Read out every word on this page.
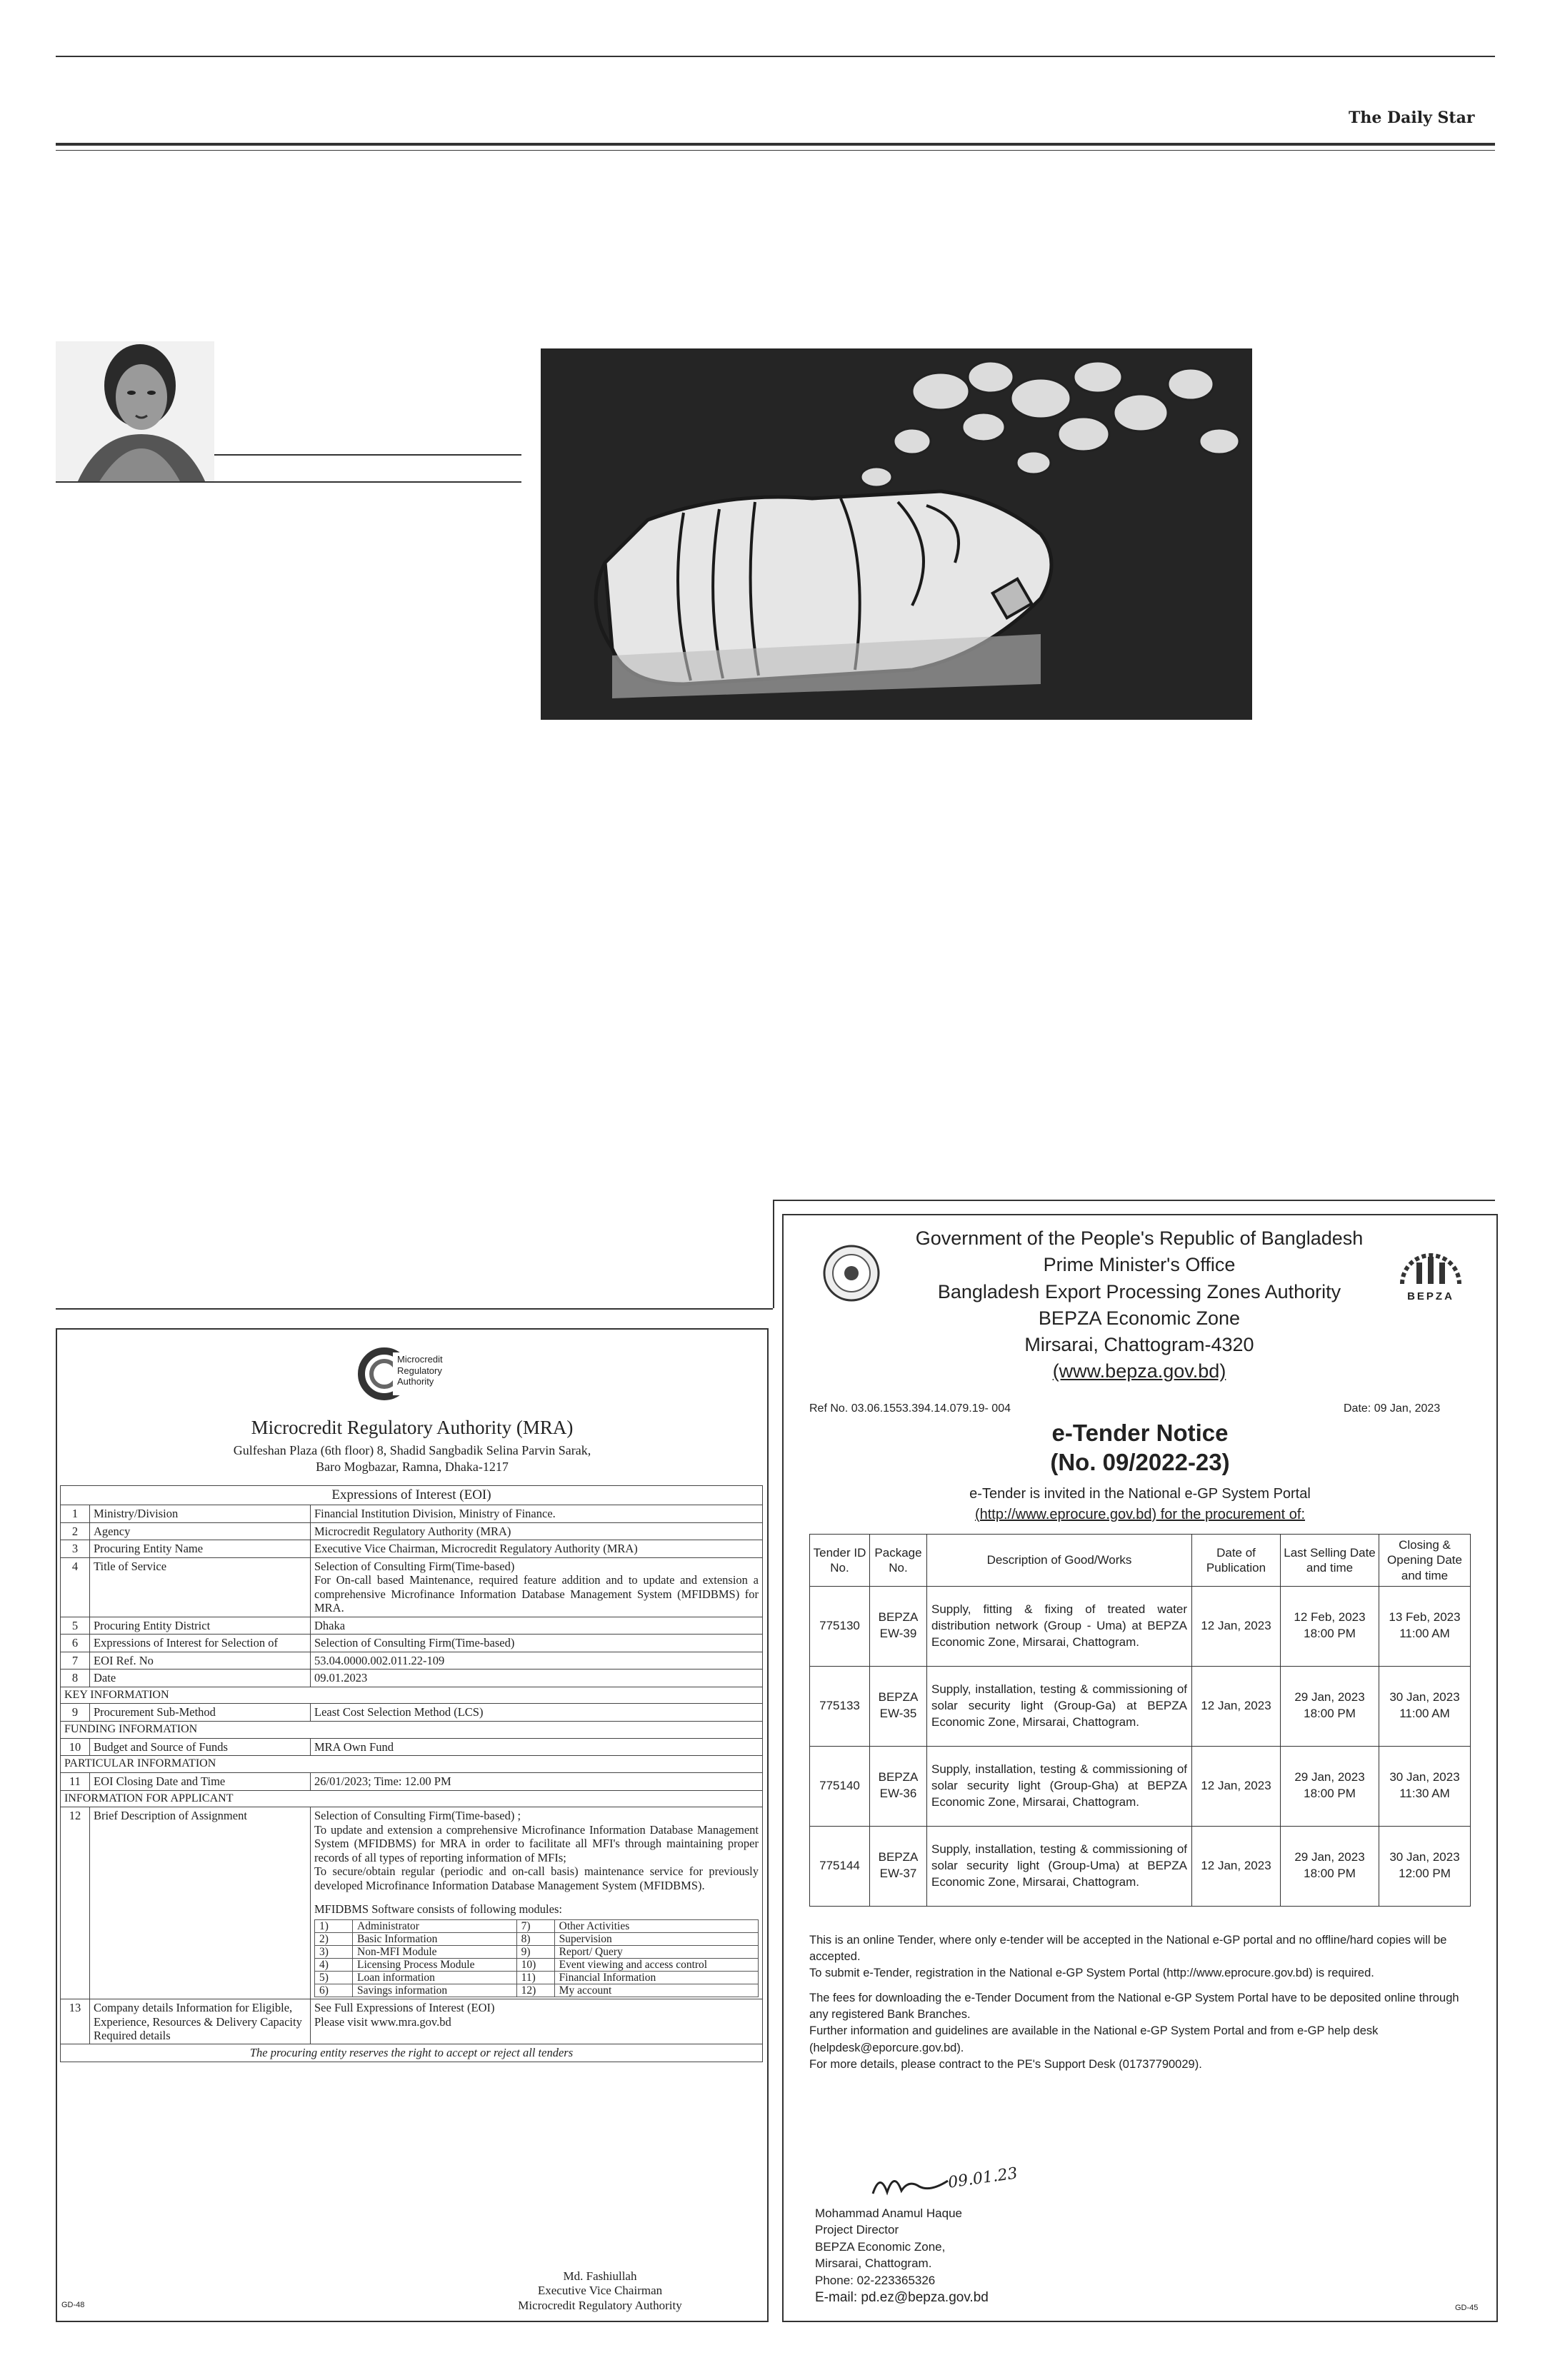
The Daily Star
Microcredit
Regulatory
Authority
Microcredit Regulatory Authority (MRA)
Gulfeshan Plaza (6th floor) 8, Shadid Sangbadik Selina Parvin Sarak,
Baro Mogbazar, Ramna, Dhaka-1217
Expressions of Interest (EOI)
1	Ministry/Division	Financial Institution Division, Ministry of Finance.
2	Agency	Microcredit Regulatory Authority (MRA)
3	Procuring Entity Name	Executive Vice Chairman, Microcredit Regulatory Authority (MRA)
4	Title of Service	Selection of Consulting Firm(Time-based)
For On-call based Maintenance, required feature addition and to update and extension a comprehensive Microfinance Information Database Management System (MFIDBMS) for MRA.
5	Procuring Entity District	Dhaka
6	Expressions of Interest for Selection of	Selection of Consulting Firm(Time-based)
7	EOI Ref. No	53.04.0000.002.011.22-109
8	Date	09.01.2023
KEY INFORMATION
9	Procurement Sub-Method	Least Cost Selection Method (LCS)
FUNDING INFORMATION
10	Budget and Source of Funds	MRA Own Fund
PARTICULAR INFORMATION
11	EOI Closing Date and Time	26/01/2023; Time: 12.00 PM
INFORMATION FOR APPLICANT
12	Brief Description of Assignment	Selection of Consulting Firm(Time-based) ;
To update and extension a comprehensive Microfinance Information Database Management System (MFIDBMS) for MRA in order to facilitate all MFI's through maintaining proper records of all types of reporting information of MFIs;
To secure/obtain regular (periodic and on-call basis) maintenance service for previously developed Microfinance Information Database Management System (MFIDBMS).
MFIDBMS Software consists of following modules:
1)	Administrator	7)	Other Activities
2)	Basic Information	8)	Supervision
3)	Non-MFI Module	9)	Report/ Query
4)	Licensing Process Module	10)	Event viewing and access control
5)	Loan information	11)	Financial Information
6)	Savings information	12)	My account

13	Company details Information for Eligible, Experience, Resources & Delivery Capacity Required details	See Full Expressions of Interest (EOI)
Please visit www.mra.gov.bd
The procuring entity reserves the right to accept or reject all tenders
Md. Fashiullah
Executive Vice Chairman
Microcredit Regulatory Authority
GD-48
BEPZA
Government of the People's Republic of Bangladesh
Prime Minister's Office
Bangladesh Export Processing Zones Authority
BEPZA Economic Zone
Mirsarai, Chattogram-4320
(www.bepza.gov.bd)
Ref No. 03.06.1553.394.14.079.19- 004	Date: 09 Jan, 2023
e-Tender Notice
(No. 09/2022-23)
e-Tender is invited in the National e-GP System Portal
(http://www.eprocure.gov.bd) for the procurement of:
Tender ID No.	Package No.	Description of Good/Works	Date of Publication	Last Selling Date and time	Closing & Opening Date and time
775130	BEPZA EW-39	Supply, fitting & fixing of treated water distribution network (Group - Uma) at BEPZA Economic Zone, Mirsarai, Chattogram.	12 Jan, 2023	12 Feb, 2023 18:00 PM	13 Feb, 2023 11:00 AM
775133	BEPZA EW-35	Supply, installation, testing & commissioning of solar security light (Group-Ga) at BEPZA Economic Zone, Mirsarai, Chattogram.	12 Jan, 2023	29 Jan, 2023 18:00 PM	30 Jan, 2023 11:00 AM
775140	BEPZA EW-36	Supply, installation, testing & commissioning of solar security light (Group-Gha) at BEPZA Economic Zone, Mirsarai, Chattogram.	12 Jan, 2023	29 Jan, 2023 18:00 PM	30 Jan, 2023 11:30 AM
775144	BEPZA EW-37	Supply, installation, testing & commissioning of solar security light (Group-Uma) at BEPZA Economic Zone, Mirsarai, Chattogram.	12 Jan, 2023	29 Jan, 2023 18:00 PM	30 Jan, 2023 12:00 PM
This is an online Tender, where only e-tender will be accepted in the National e-GP portal and no offline/hard copies will be accepted.
To submit e-Tender, registration in the National e-GP System Portal (http://www.eprocure.gov.bd) is required.
The fees for downloading the e-Tender Document from the National e-GP System Portal have to be deposited online through any registered Bank Branches.
Further information and guidelines are available in the National e-GP System Portal and from e-GP help desk (helpdesk@eporcure.gov.bd).
For more details, please contract to the PE's Support Desk (01737790029).
09.01.23
Mohammad Anamul Haque
Project Director
BEPZA Economic Zone,
Mirsarai, Chattogram.
Phone: 02-223365326
E-mail: pd.ez@bepza.gov.bd
GD-45
